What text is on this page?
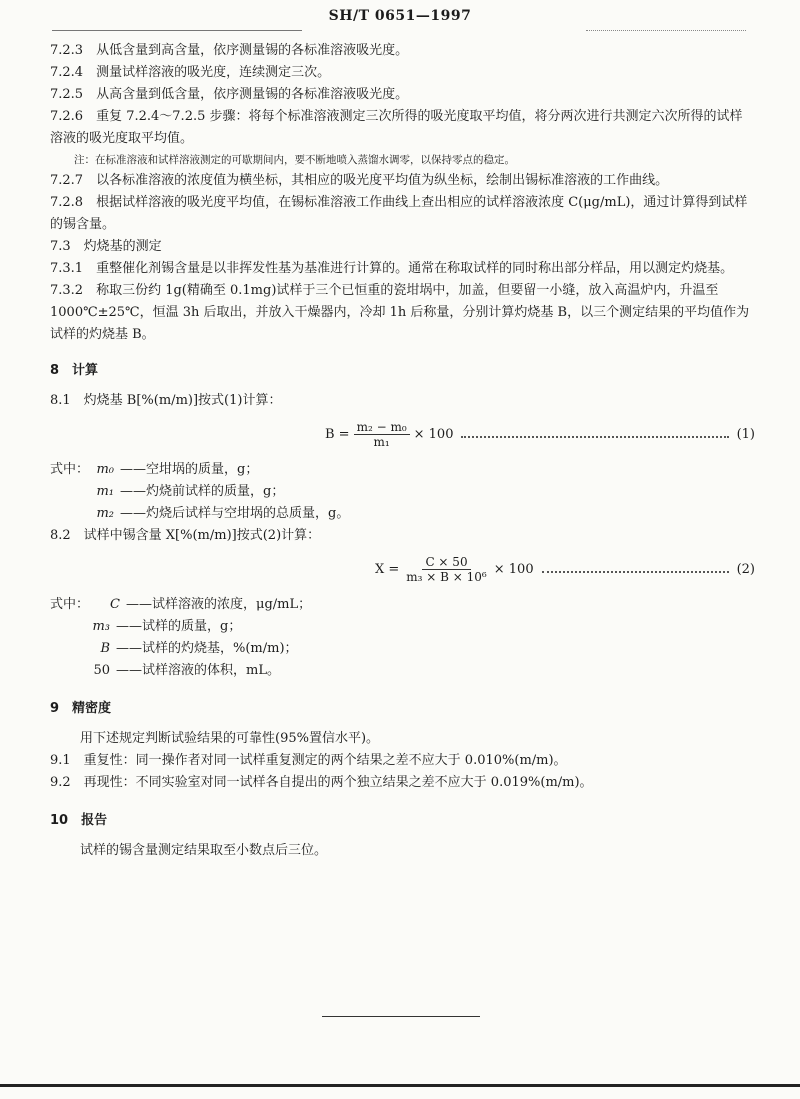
SH/T 0651—1997

7.2.3　从低含量到高含量，依序测量锡的各标准溶液吸光度。

7.2.4　测量试样溶液的吸光度，连续测定三次。

7.2.5　从高含量到低含量，依序测量锡的各标准溶液吸光度。

7.2.6　重复 7.2.4～7.2.5 步骤：将每个标准溶液测定三次所得的吸光度取平均值，将分两次进行共测定六次所得的试样溶液的吸光度取平均值。

注：在标准溶液和试样溶液测定的可歇期间内，要不断地喷入蒸馏水调零，以保持零点的稳定。

7.2.7　以各标准溶液的浓度值为横坐标，其相应的吸光度平均值为纵坐标，绘制出锡标准溶液的工作曲线。

7.2.8　根据试样溶液的吸光度平均值，在锡标准溶液工作曲线上查出相应的试样溶液浓度 C(μg/mL)，通过计算得到试样的锡含量。

7.3　灼烧基的测定

7.3.1　重整催化剂锡含量是以非挥发性基为基准进行计算的。通常在称取试样的同时称出部分样品，用以测定灼烧基。

7.3.2　称取三份约 1g(精确至 0.1mg)试样于三个已恒重的瓷坩埚中，加盖，但要留一小缝，放入高温炉内，升温至 1000℃±25℃，恒温 3h 后取出，并放入干燥器内，冷却 1h 后称量，分别计算灼烧基 B，以三个测定结果的平均值作为试样的灼烧基 B。

8　计算

8.1　灼烧基 B[%(m/m)]按式(1)计算：

$B = \frac{\text{m₂ − m₀}}{\text{m₁}} \times 100$	(1)
式中： m₀ ——空坩埚的质量，g；
m₁ ——灼烧前试样的质量，g；
m₂ ——灼烧后试样与空坩埚的总质量，g。

8.2　试样中锡含量 X[%(m/m)]按式(2)计算：

$X = \frac{C \times 50}{\text{m₃ × B × 10⁶}} \times 100$	(2)
式中：	C ——试样溶液的浓度，μg/mL；
m₃ ——试样的质量，g；
B ——试样的灼烧基，%(m/m)；
50 ——试样溶液的体积，mL。
9　精密度

用下述规定判断试验结果的可靠性(95%置信水平)。

9.1　重复性：同一操作者对同一试样重复测定的两个结果之差不应大于 0.010%(m/m)。

9.2　再现性：不同实验室对同一试样各自提出的两个独立结果之差不应大于 0.019%(m/m)。

10　报告

试样的锡含量测定结果取至小数点后三位。
